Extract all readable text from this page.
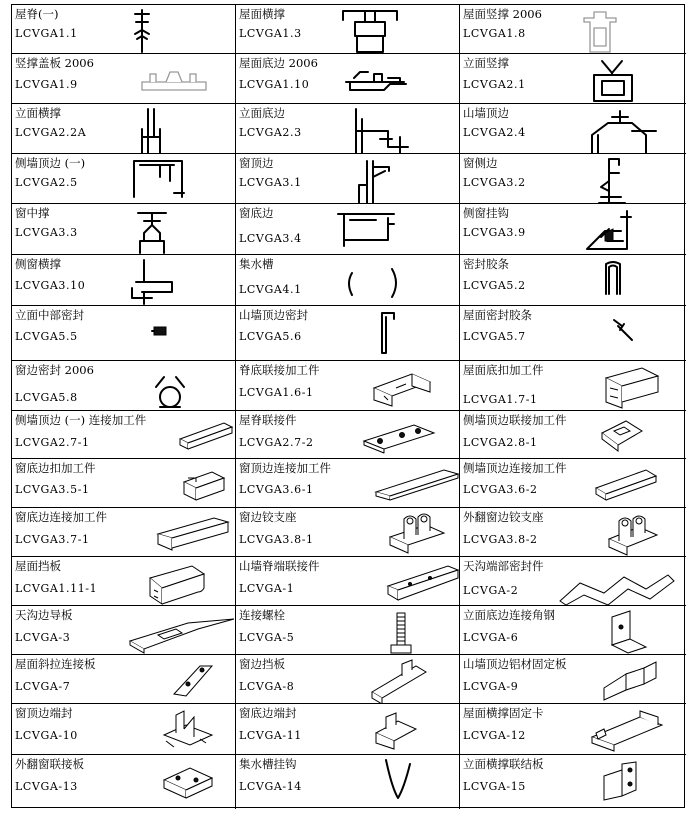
屋脊(一)
LCVGA1.1
屋面横撑
LCVGA1.3
屋面竖撑 2006
LCVGA1.8
竖撑盖板 2006
LCVGA1.9
屋面底边 2006
LCVGA1.10
立面竖撑
LCVGA2.1
立面横撑
LCVGA2.2A
立面底边
LCVGA2.3
山墙顶边
LCVGA2.4
侧墙顶边 (一)
LCVGA2.5
窗顶边
LCVGA3.1
窗侧边
LCVGA3.2
窗中撑
LCVGA3.3
窗底边
LCVGA3.4
侧窗挂钩
LCVGA3.9
侧窗横撑
LCVGA3.10
集水槽
LCVGA4.1
密封胶条
LCVGA5.2
立面中部密封
LCVGA5.5
山墙顶边密封
LCVGA5.6
屋面密封胶条
LCVGA5.7
窗边密封 2006
LCVGA5.8
脊底联接加工件
LCVGA1.6-1
屋面底扣加工件
LCVGA1.7-1
侧墙顶边 (一) 连接加工件
LCVGA2.7-1
屋脊联接件
LCVGA2.7-2
侧墙顶边联接加工件
LCVGA2.8-1
窗底边扣加工件
LCVGA3.5-1
窗顶边连接加工件
LCVGA3.6-1
侧墙顶边连接加工件
LCVGA3.6-2
窗底边连接加工件
LCVGA3.7-1
窗边铰支座
LCVGA3.8-1
外翻窗边铰支座
LCVGA3.8-2
屋面挡板
LCVGA1.11-1
山墙脊端联接件
LCVGA-1
天沟端部密封件
LCVGA-2
天沟边导板
LCVGA-3
连接螺栓
LCVGA-5
立面底边连接角钢
LCVGA-6
屋面斜拉连接板
LCVGA-7
窗边挡板
LCVGA-8
山墙顶边铝材固定板
LCVGA-9
窗顶边端封
LCVGA-10
窗底边端封
LCVGA-11
屋面横撑固定卡
LCVGA-12
外翻窗联接板
LCVGA-13
集水槽挂钩
LCVGA-14
立面横撑联结板
LCVGA-15
